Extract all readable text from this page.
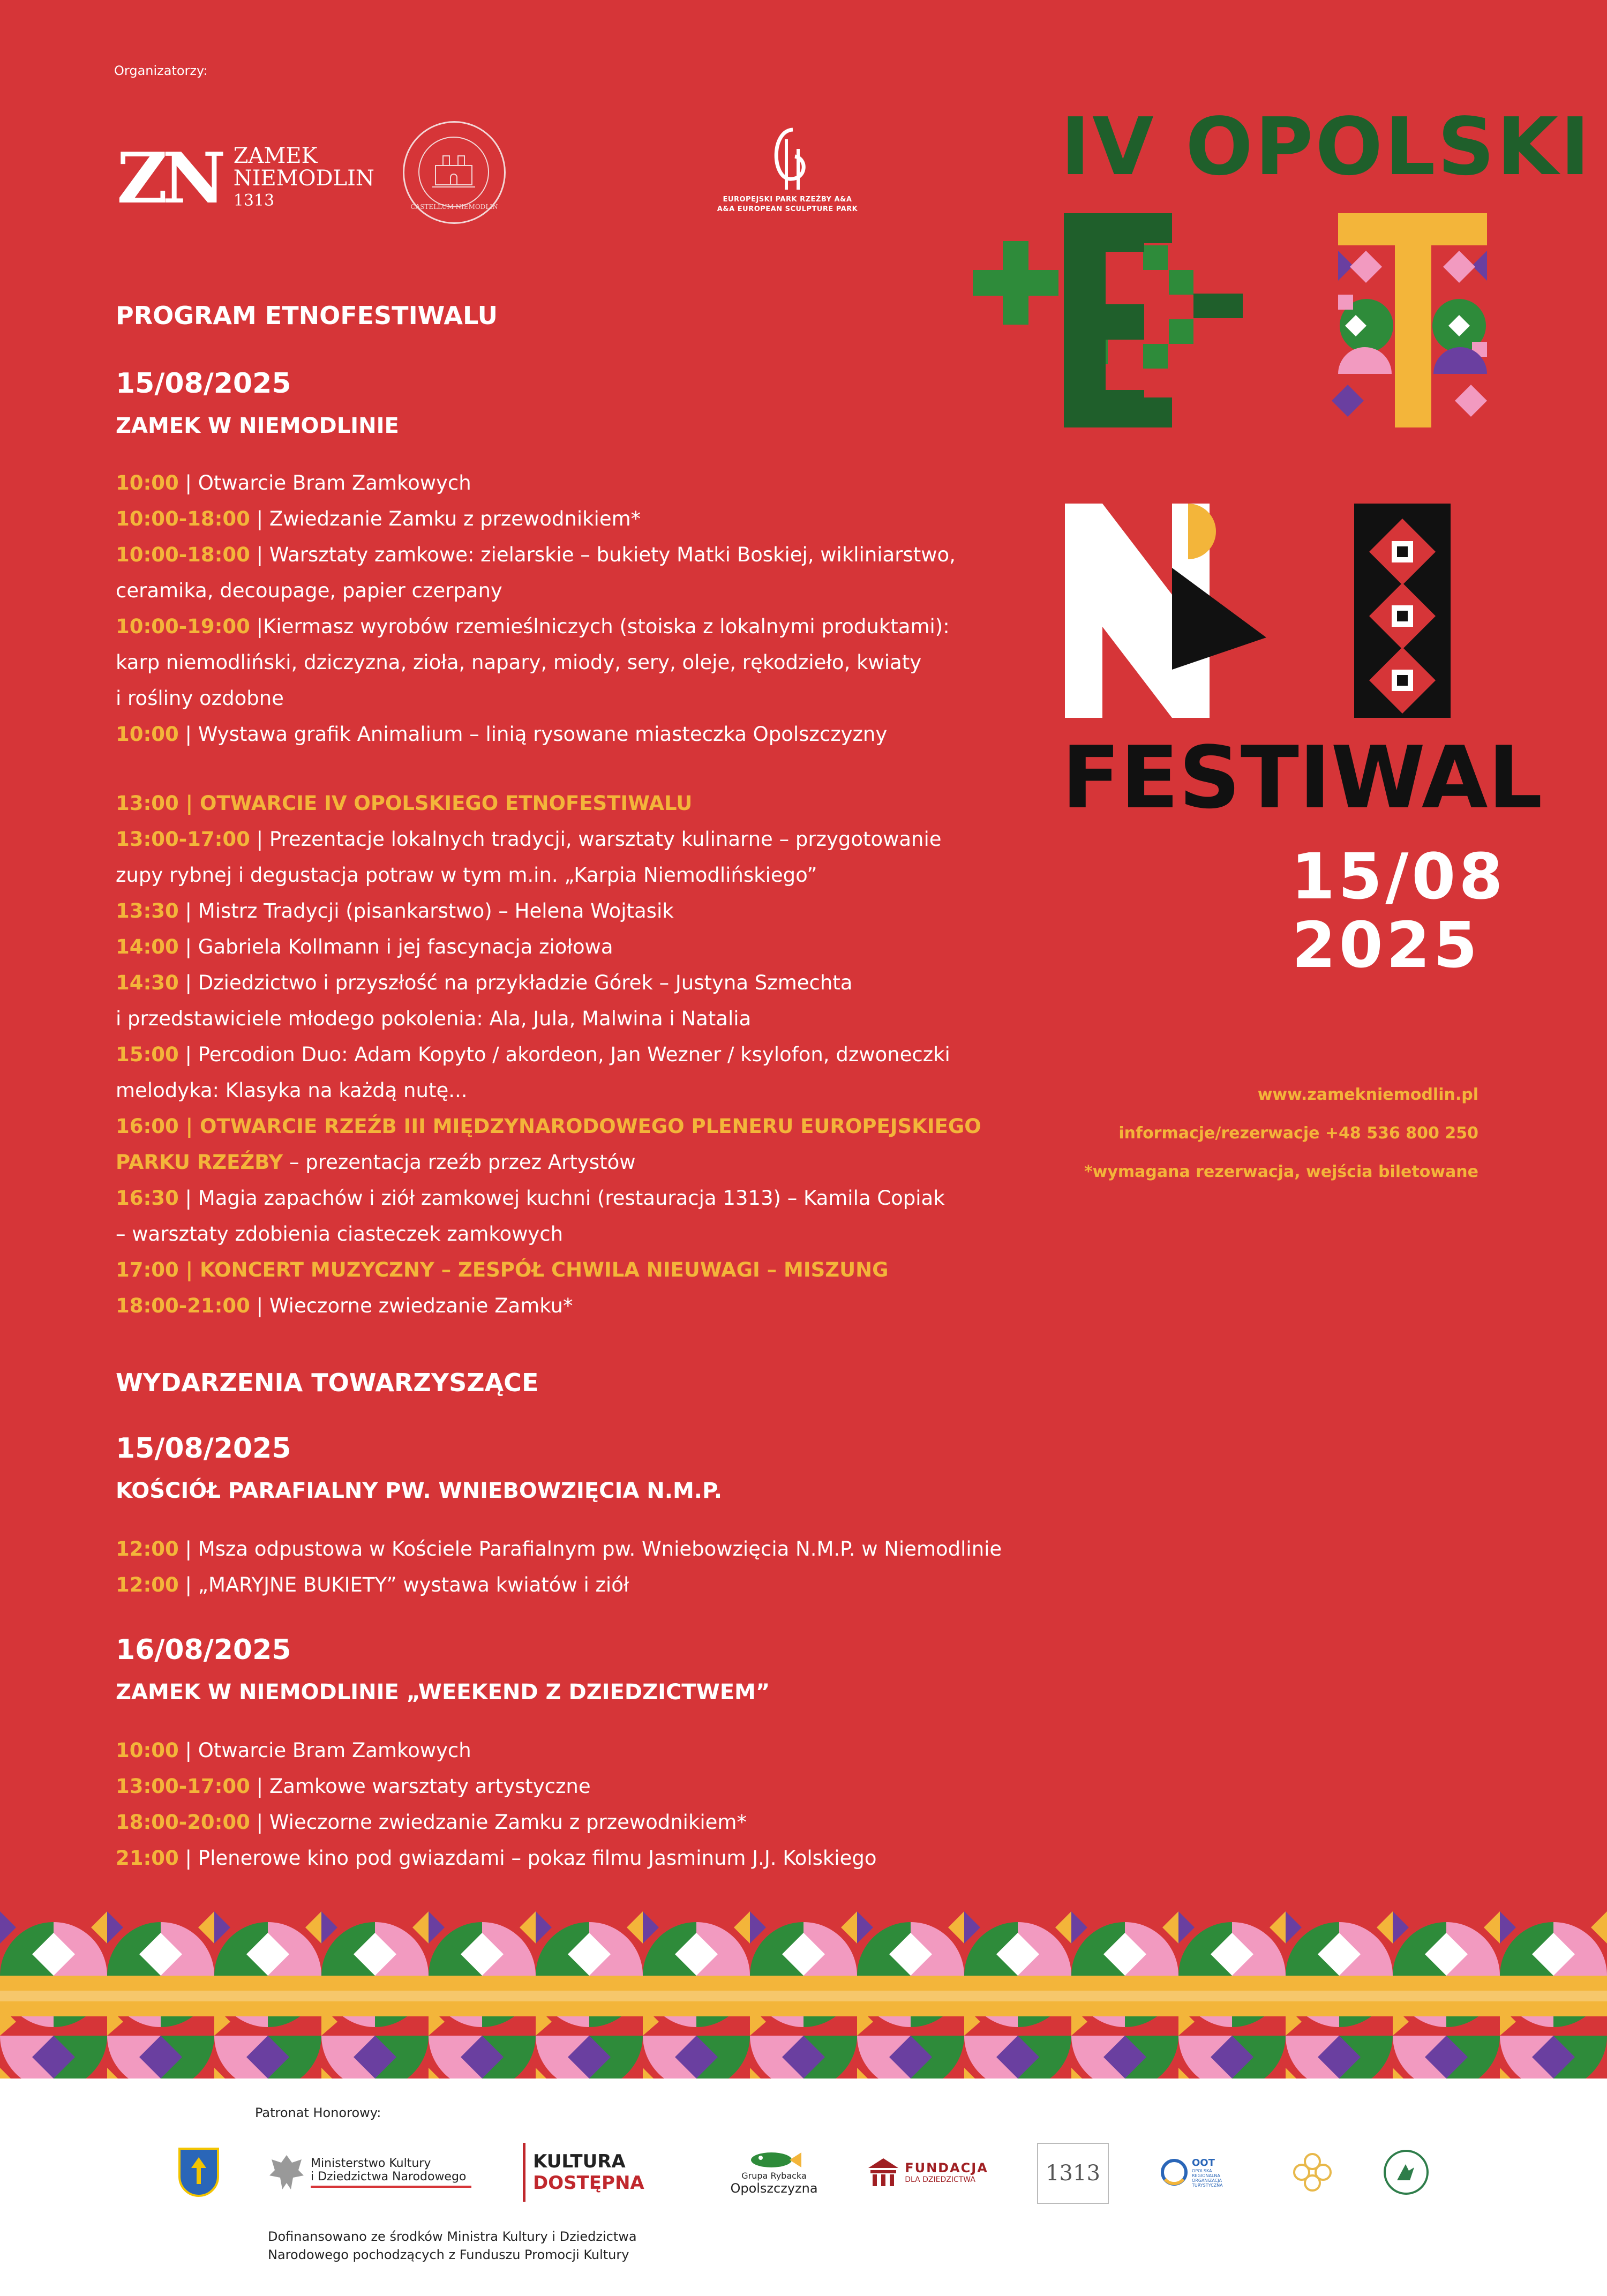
Organizatorzy:
ZN ZAMEK
NIEMODLIN
1313	CASTELLUM NIEMODLIN
EUROPEJSKI PARK RZEŹBY A&A
A&A EUROPEAN SCULPTURE PARK
PROGRAM ETNOFESTIWALU
15/08/2025
ZAMEK W NIEMODLINIE
10:00 | Otwarcie Bram Zamkowych
10:00-18:00 | Zwiedzanie Zamku z przewodnikiem*
10:00-18:00 | Warsztaty zamkowe: zielarskie – bukiety Matki Boskiej, wikliniarstwo,
ceramika, decoupage, papier czerpany
10:00-19:00 |Kiermasz wyrobów rzemieślniczych (stoiska z lokalnymi produktami):
karp niemodliński, dziczyzna, zioła, napary, miody, sery, oleje, rękodzieło, kwiaty
i rośliny ozdobne
10:00 | Wystawa grafik Animalium – linią rysowane miasteczka Opolszczyzny
13:00 | OTWARCIE IV OPOLSKIEGO ETNOFESTIWALU
13:00-17:00 | Prezentacje lokalnych tradycji, warsztaty kulinarne – przygotowanie
zupy rybnej i degustacja potraw w tym m.in. „Karpia Niemodlińskiego”
13:30 | Mistrz Tradycji (pisankarstwo) – Helena Wojtasik
14:00 | Gabriela Kollmann i jej fascynacja ziołowa
14:30 | Dziedzictwo i przyszłość na przykładzie Górek – Justyna Szmechta
i przedstawiciele młodego pokolenia: Ala, Jula, Malwina i Natalia
15:00 | Percodion Duo: Adam Kopyto / akordeon, Jan Wezner / ksylofon, dzwoneczki
melodyka: Klasyka na każdą nutę...
16:00 | OTWARCIE RZEŹB III MIĘDZYNARODOWEGO PLENERU EUROPEJSKIEGO
PARKU RZEŹBY – prezentacja rzeźb przez Artystów
16:30 | Magia zapachów i ziół zamkowej kuchni (restauracja 1313) – Kamila Copiak
– warsztaty zdobienia ciasteczek zamkowych
17:00 | KONCERT MUZYCZNY – ZESPÓŁ CHWILA NIEUWAGI – MISZUNG
18:00-21:00 | Wieczorne zwiedzanie Zamku*
WYDARZENIA TOWARZYSZĄCE
15/08/2025
KOŚCIÓŁ PARAFIALNY PW. WNIEBOWZIĘCIA N.M.P.
12:00 | Msza odpustowa w Kościele Parafialnym pw. Wniebowzięcia N.M.P. w Niemodlinie
12:00 | „MARYJNE BUKIETY” wystawa kwiatów i ziół
16/08/2025
ZAMEK W NIEMODLINIE „WEEKEND Z DZIEDZICTWEM”
10:00 | Otwarcie Bram Zamkowych
13:00-17:00 | Zamkowe warsztaty artystyczne
18:00-20:00 | Wieczorne zwiedzanie Zamku z przewodnikiem*
21:00 | Plenerowe kino pod gwiazdami – pokaz filmu Jasminum J.J. Kolskiego
IV OPOLSKI
FESTIWAL
15/08
2025
www.zamekniemodlin.pl
informacje/rezerwacje +48 536 800 250
*wymagana rezerwacja, wejścia biletowane
Patronat Honorowy:
Ministerstwo Kultury
i Dziedzictwa Narodowego
KULTURA
DOSTĘPNA	Grupa Rybacka
Opolszczyzna
FUNDACJA
DLA DZIEDZICTWA	1313	OOT
OPOLSKA REGIONALNA ORGANIZACJA TURYSTYCZNA
Dofinansowano ze środków Ministra Kultury i Dziedzictwa
Narodowego pochodzących z Funduszu Promocji Kultury
